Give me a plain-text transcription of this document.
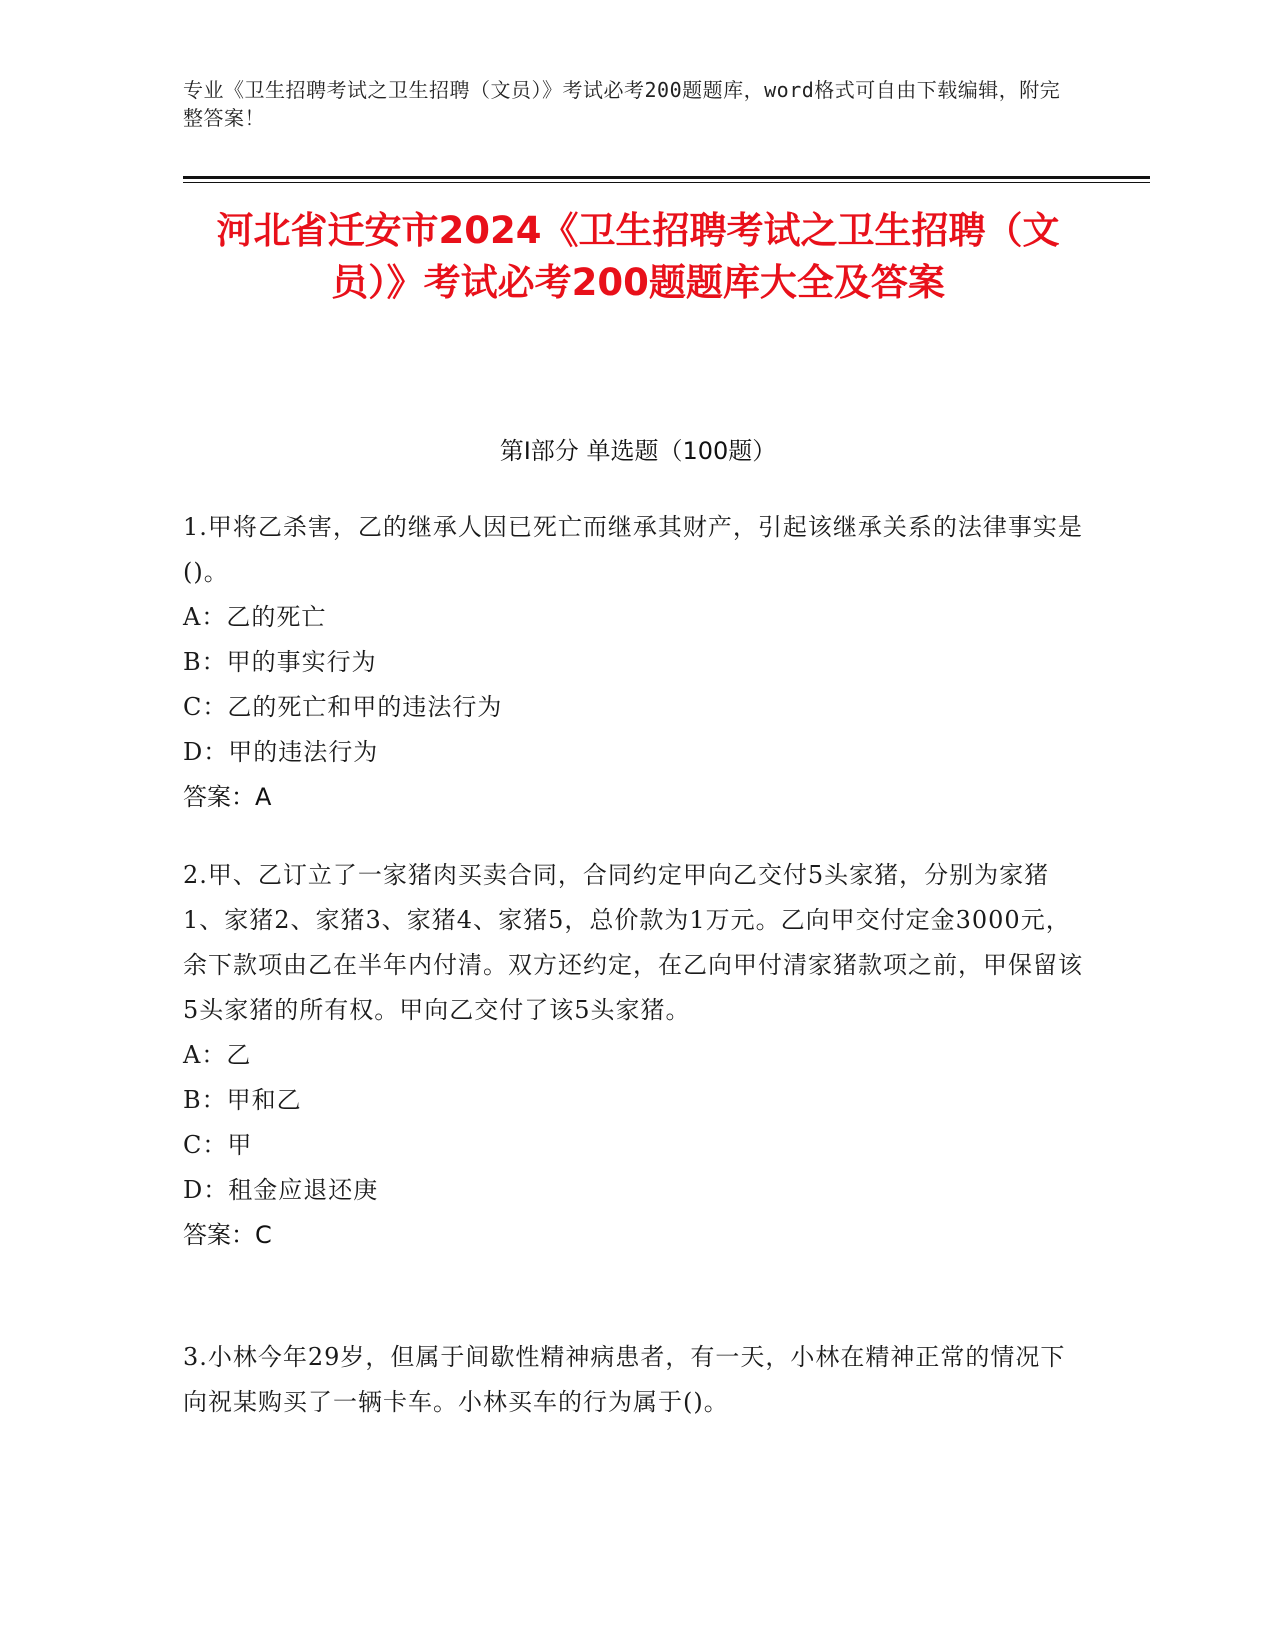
专业《卫生招聘考试之卫生招聘（文员）》考试必考200题题库，word格式可自由下载编辑，附完整答案！
河北省迁安市2024《卫生招聘考试之卫生招聘（文员）》考试必考200题题库大全及答案
第Ⅰ部分 单选题（100题）
1.甲将乙杀害，乙的继承人因已死亡而继承其财产，引起该继承关系的法律事实是()。
A：乙的死亡
B：甲的事实行为
C：乙的死亡和甲的违法行为
D：甲的违法行为
答案：A
2.甲、乙订立了一家猪肉买卖合同，合同约定甲向乙交付5头家猪，分别为家猪1、家猪2、家猪3、家猪4、家猪5，总价款为1万元。乙向甲交付定金3000元，余下款项由乙在半年内付清。双方还约定，在乙向甲付清家猪款项之前，甲保留该5头家猪的所有权。甲向乙交付了该5头家猪。
A：乙
B：甲和乙
C：甲
D：租金应退还庚
答案：C
3.小林今年29岁，但属于间歇性精神病患者，有一天，小林在精神正常的情况下向祝某购买了一辆卡车。小林买车的行为属于()。
